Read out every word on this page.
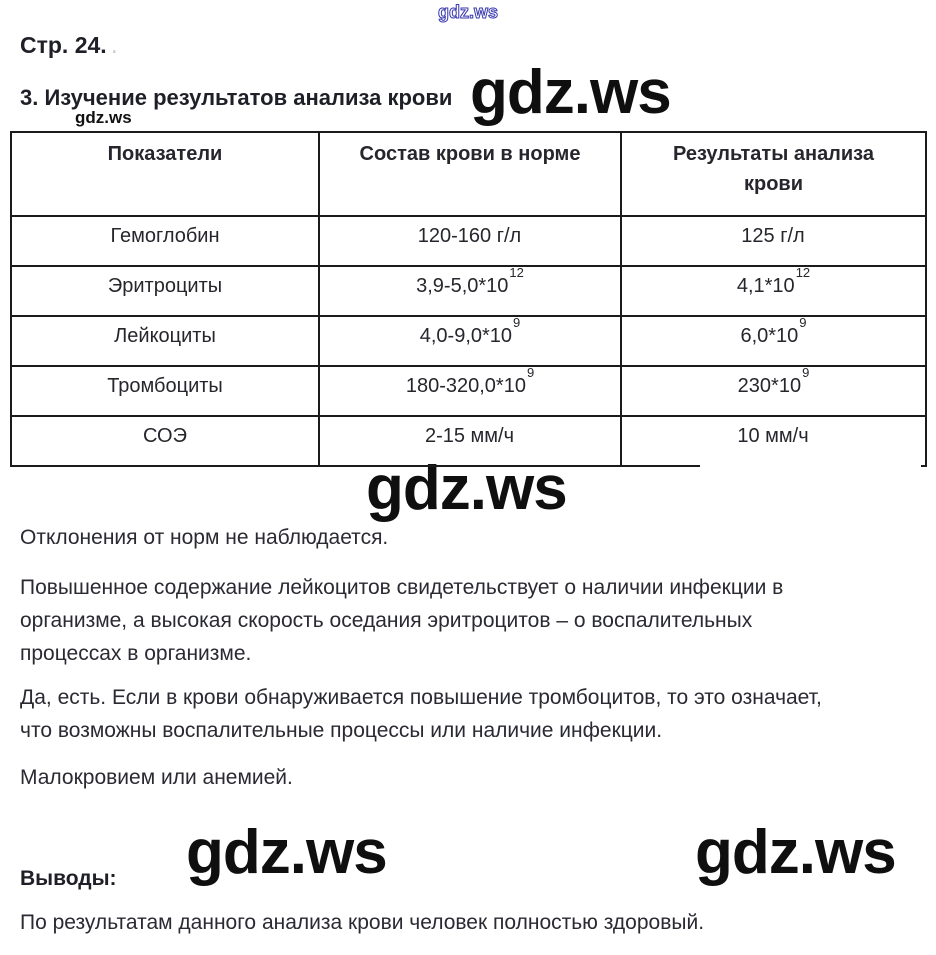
gdz.ws
gdz.ws
gdz.ws
gdz.ws
gdz.ws	gdz.ws
Стр. 24. .
3. Изучение результатов анализа крови
Показатели	Состав крови в норме	Результаты анализа
крови

Гемоглобин	120-160 г/л	125 г/л
Эритроциты	$3,9-5,0*10^{12}$	$4,1*10^{12}$
Лейкоциты	$4,0-9,0*10^9$	$6,0*10^9$
Тромбоциты	$180-320,0*10^9$	$230*10^9$
СОЭ	2-15 мм/ч	10 мм/ч
Отклонения от норм не наблюдается.
Повышенное содержание лейкоцитов свидетельствует о наличии инфекции в
организме, а высокая скорость оседания эритроцитов – о воспалительных
процессах в организме.
Да, есть. Если в крови обнаруживается повышение тромбоцитов, то это означает,
что возможны воспалительные процессы или наличие инфекции.
Малокровием или анемией.
Выводы:
По результатам данного анализа крови человек полностью здоровый.
